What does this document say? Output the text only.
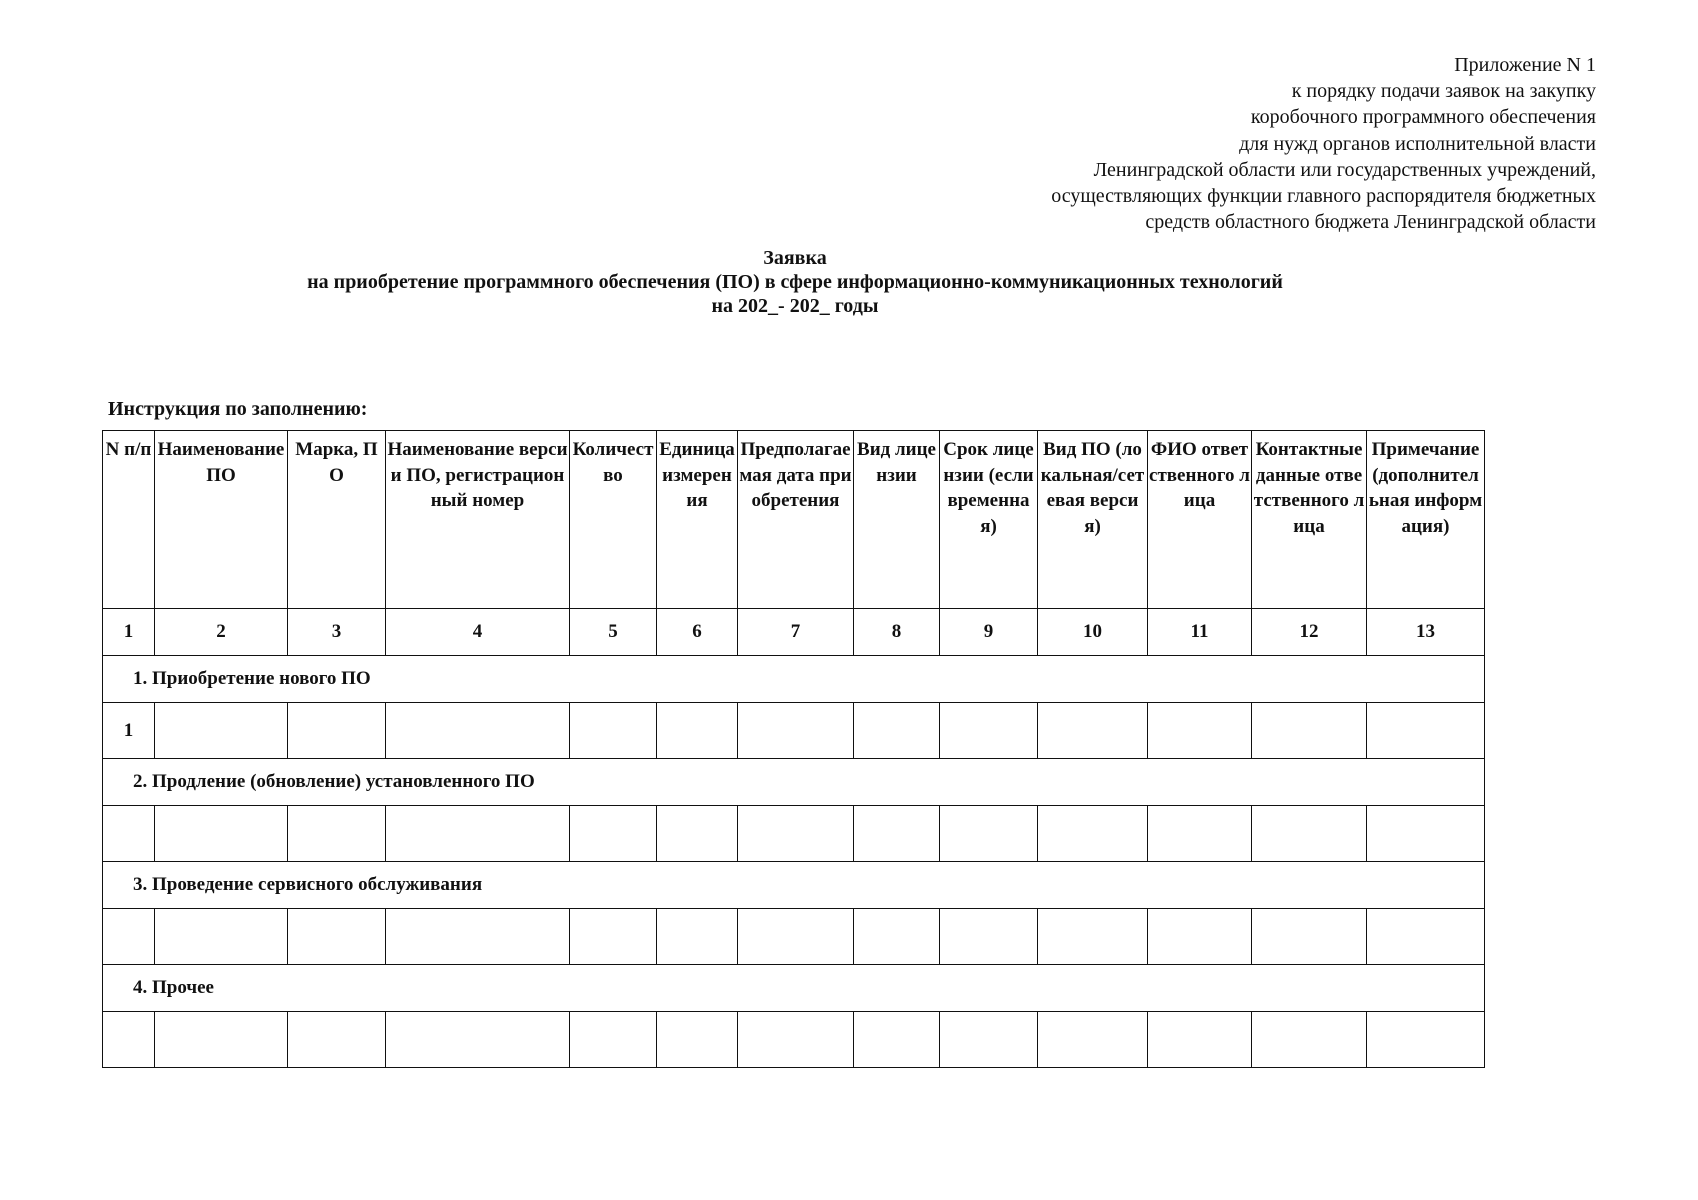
Приложение N 1
к порядку подачи заявок на закупку
коробочного программного обеспечения
для нужд органов исполнительной власти
Ленинградской области или государственных учреждений,
осуществляющих функции главного распорядителя бюджетных
средств областного бюджета Ленинградской области
Заявка
на приобретение программного обеспечения (ПО) в сфере информационно-коммуникационных технологий
на 202_- 202_ годы
Инструкция по заполнению:
N п/п	Наименование ПО	Марка, ПО	Наименование версии ПО, регистрационный номер	Количество	Единица измерения	Предполагаемая дата приобретения	Вид лицензии	Срок лицензии (если временная)	Вид ПО (локальная/сетевая версия)	ФИО ответственного лица	Контактные данные ответственного лица	Примечание (дополнительная информация)
1	2	3	4	5	6	7	8	9	10	11	12	13
1. Приобретение нового ПО												
1												
2. Продление (обновление) установленного ПО												

3. Проведение сервисного обслуживания												

4. Прочее												
